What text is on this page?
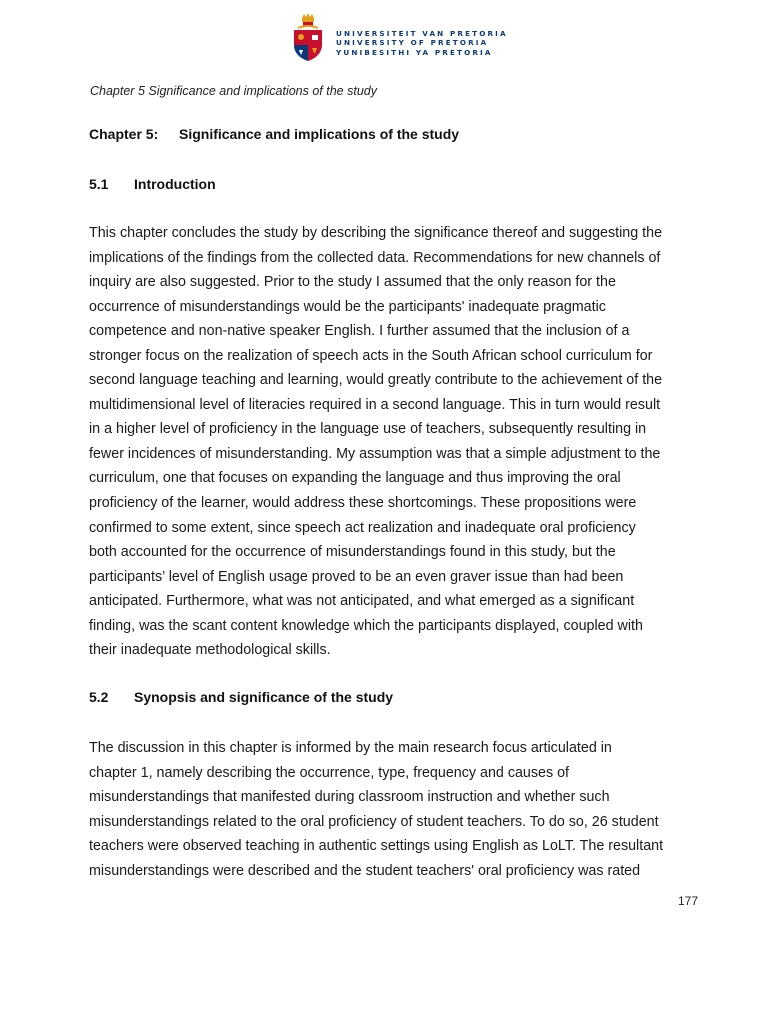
UNIVERSITEIT VAN PRETORIA
UNIVERSITY OF PRETORIA
YUNIBESITHI YA PRETORIA
Chapter 5 Significance and implications of the study
Chapter 5: Significance and implications of the study
5.1 Introduction
This chapter concludes the study by describing the significance thereof and suggesting the
implications of the findings from the collected data. Recommendations for new channels of
inquiry are also suggested. Prior to the study I assumed that the only reason for the
occurrence of misunderstandings would be the participants' inadequate pragmatic
competence and non-native speaker English. I further assumed that the inclusion of a
stronger focus on the realization of speech acts in the South African school curriculum for
second language teaching and learning, would greatly contribute to the achievement of the
multidimensional level of literacies required in a second language. This in turn would result
in a higher level of proficiency in the language use of teachers, subsequently resulting in
fewer incidences of misunderstanding. My assumption was that a simple adjustment to the
curriculum, one that focuses on expanding the language and thus improving the oral
proficiency of the learner, would address these shortcomings. These propositions were
confirmed to some extent, since speech act realization and inadequate oral proficiency
both accounted for the occurrence of misunderstandings found in this study, but the
participants’ level of English usage proved to be an even graver issue than had been
anticipated. Furthermore, what was not anticipated, and what emerged as a significant
finding, was the scant content knowledge which the participants displayed, coupled with
their inadequate methodological skills.
5.2 Synopsis and significance of the study
The discussion in this chapter is informed by the main research focus articulated in
chapter 1, namely describing the occurrence, type, frequency and causes of
misunderstandings that manifested during classroom instruction and whether such
misunderstandings related to the oral proficiency of student teachers. To do so, 26 student
teachers were observed teaching in authentic settings using English as LoLT. The resultant
misunderstandings were described and the student teachers' oral proficiency was rated
177
